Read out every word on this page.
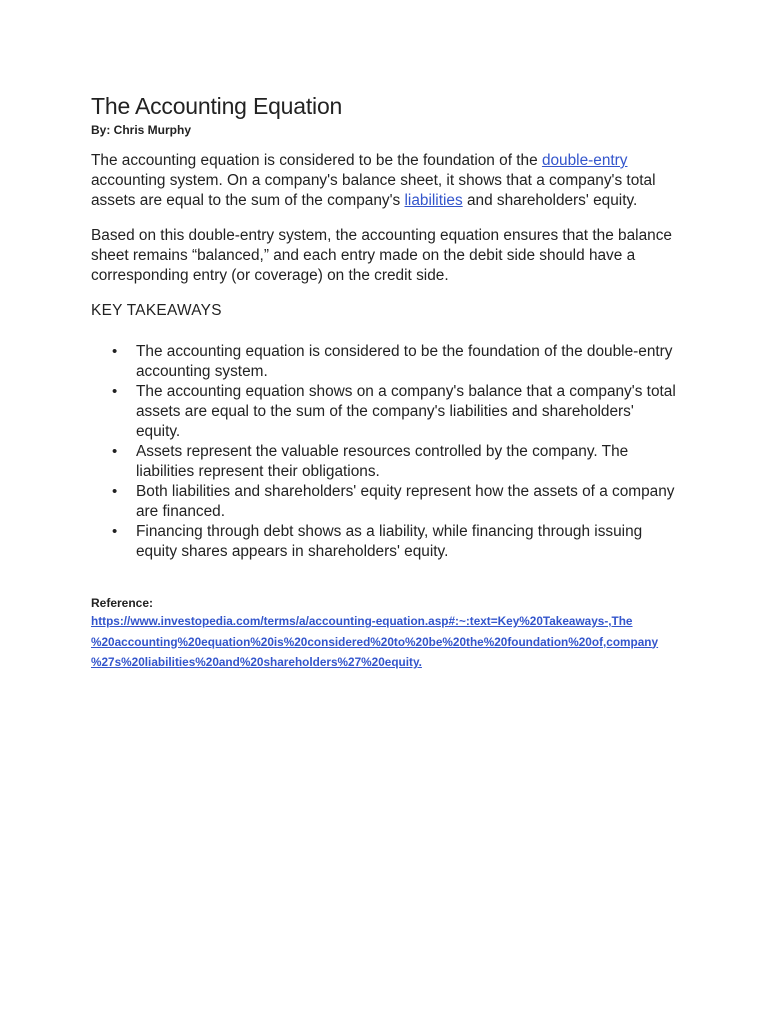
The Accounting Equation
By: Chris Murphy

The accounting equation is considered to be the foundation of the double-entry accounting system. On a company's balance sheet, it shows that a company's total assets are equal to the sum of the company's liabilities and shareholders' equity.

Based on this double-entry system, the accounting equation ensures that the balance sheet remains “balanced,” and each entry made on the debit side should have a corresponding entry (or coverage) on the credit side.

KEY TAKEAWAYS
• The accounting equation is considered to be the foundation of the double-entry accounting system.
• The accounting equation shows on a company's balance that a company's total assets are equal to the sum of the company's liabilities and shareholders' equity.
• Assets represent the valuable resources controlled by the company. The liabilities represent their obligations.
• Both liabilities and shareholders' equity represent how the assets of a company are financed.
• Financing through debt shows as a liability, while financing through issuing equity shares appears in shareholders' equity.
Reference:
https://www.investopedia.com/terms/a/accounting-equation.asp#:~:text=Key%20Takeaways-,The
%20accounting%20equation%20is%20considered%20to%20be%20the%20foundation%20of,company
%27s%20liabilities%20and%20shareholders%27%20equity.
